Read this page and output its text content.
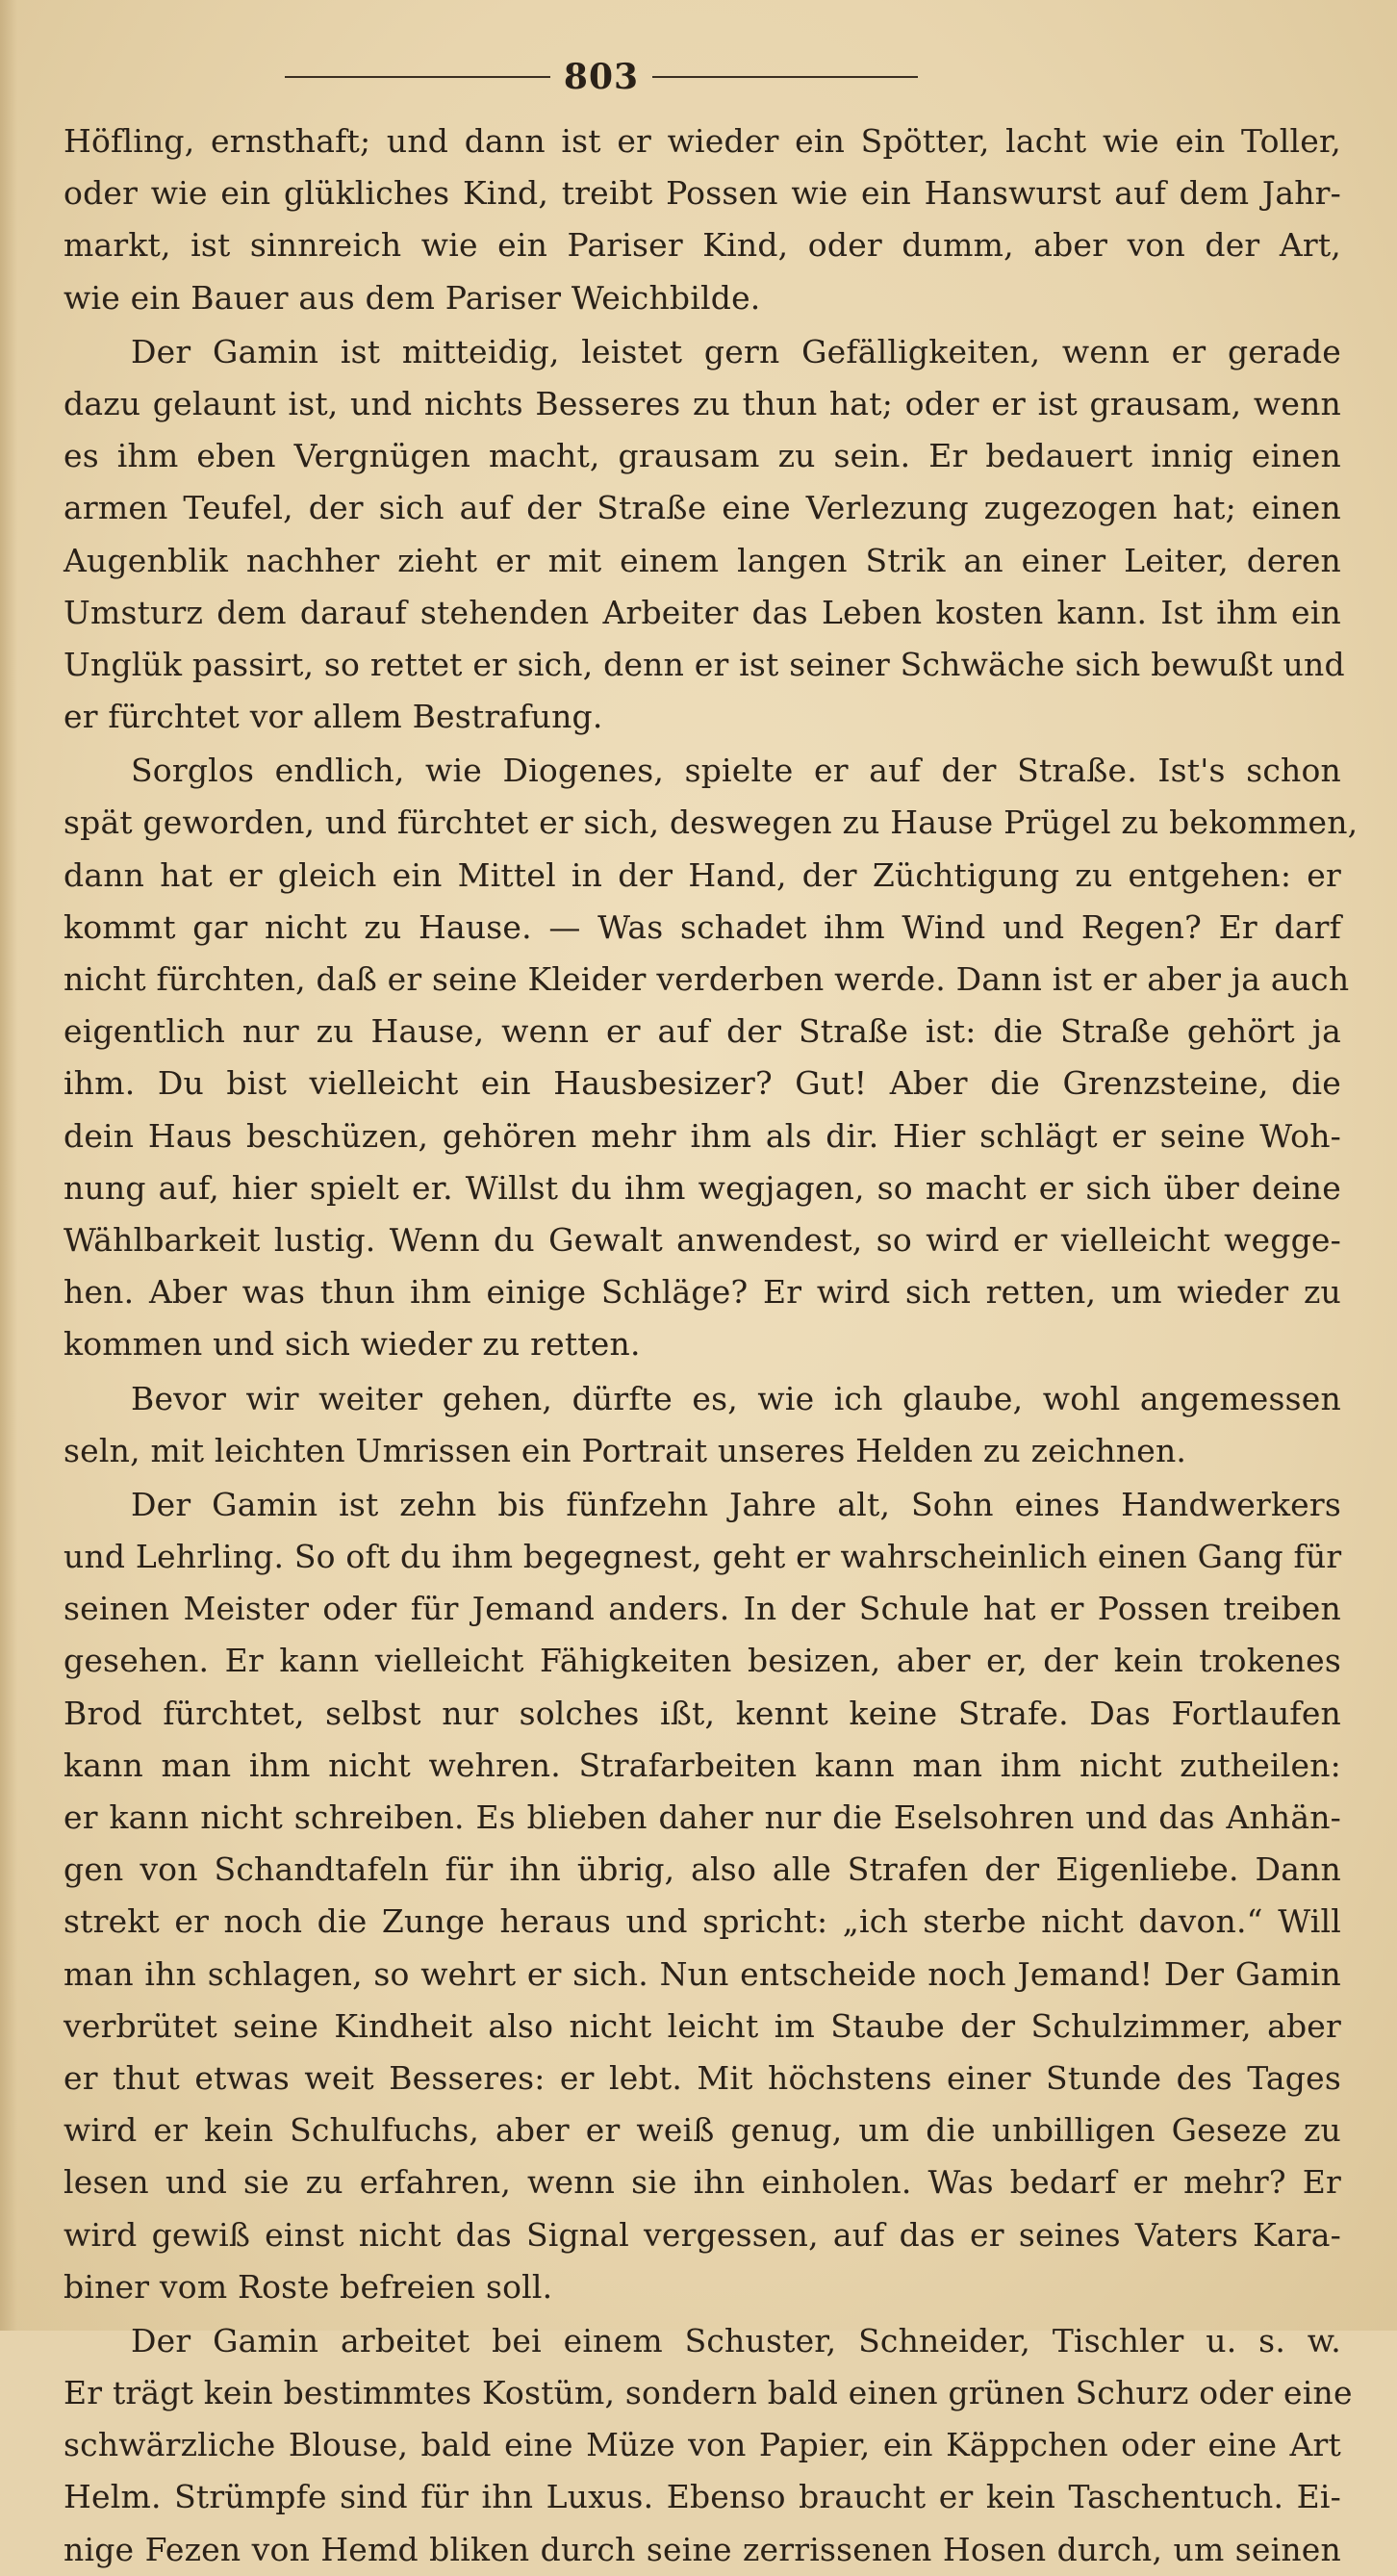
803
Höfling, ernsthaft; und dann ist er wieder ein Spötter, lacht wie ein Toller,
oder wie ein glükliches Kind, treibt Possen wie ein Hanswurst auf dem Jahr-
markt, ist sinnreich wie ein Pariser Kind, oder dumm, aber von der Art,
wie ein Bauer aus dem Pariser Weichbilde.
Der Gamin ist mitteidig, leistet gern Gefälligkeiten, wenn er gerade
dazu gelaunt ist, und nichts Besseres zu thun hat; oder er ist grausam, wenn
es ihm eben Vergnügen macht, grausam zu sein. Er bedauert innig einen
armen Teufel, der sich auf der Straße eine Verlezung zugezogen hat; einen
Augenblik nachher zieht er mit einem langen Strik an einer Leiter, deren
Umsturz dem darauf stehenden Arbeiter das Leben kosten kann. Ist ihm ein
Unglük passirt, so rettet er sich, denn er ist seiner Schwäche sich bewußt und
er fürchtet vor allem Bestrafung.
Sorglos endlich, wie Diogenes, spielte er auf der Straße. Ist's schon
spät geworden, und fürchtet er sich, deswegen zu Hause Prügel zu bekommen,
dann hat er gleich ein Mittel in der Hand, der Züchtigung zu entgehen: er
kommt gar nicht zu Hause. — Was schadet ihm Wind und Regen? Er darf
nicht fürchten, daß er seine Kleider verderben werde. Dann ist er aber ja auch
eigentlich nur zu Hause, wenn er auf der Straße ist: die Straße gehört ja
ihm. Du bist vielleicht ein Hausbesizer? Gut! Aber die Grenzsteine, die
dein Haus beschüzen, gehören mehr ihm als dir. Hier schlägt er seine Woh-
nung auf, hier spielt er. Willst du ihm wegjagen, so macht er sich über deine
Wählbarkeit lustig. Wenn du Gewalt anwendest, so wird er vielleicht wegge-
hen. Aber was thun ihm einige Schläge? Er wird sich retten, um wieder zu
kommen und sich wieder zu retten.
Bevor wir weiter gehen, dürfte es, wie ich glaube, wohl angemessen
seln, mit leichten Umrissen ein Portrait unseres Helden zu zeichnen.
Der Gamin ist zehn bis fünfzehn Jahre alt, Sohn eines Handwerkers
und Lehrling. So oft du ihm begegnest, geht er wahrscheinlich einen Gang für
seinen Meister oder für Jemand anders. In der Schule hat er Possen treiben
gesehen. Er kann vielleicht Fähigkeiten besizen, aber er, der kein trokenes
Brod fürchtet, selbst nur solches ißt, kennt keine Strafe. Das Fortlaufen
kann man ihm nicht wehren. Strafarbeiten kann man ihm nicht zutheilen:
er kann nicht schreiben. Es blieben daher nur die Eselsohren und das Anhän-
gen von Schandtafeln für ihn übrig, also alle Strafen der Eigenliebe. Dann
strekt er noch die Zunge heraus und spricht: „ich sterbe nicht davon.“ Will
man ihn schlagen, so wehrt er sich. Nun entscheide noch Jemand! Der Gamin
verbrütet seine Kindheit also nicht leicht im Staube der Schulzimmer, aber
er thut etwas weit Besseres: er lebt. Mit höchstens einer Stunde des Tages
wird er kein Schulfuchs, aber er weiß genug, um die unbilligen Geseze zu
lesen und sie zu erfahren, wenn sie ihn einholen. Was bedarf er mehr? Er
wird gewiß einst nicht das Signal vergessen, auf das er seines Vaters Kara-
biner vom Roste befreien soll.
Der Gamin arbeitet bei einem Schuster, Schneider, Tischler u. s. w.
Er trägt kein bestimmtes Kostüm, sondern bald einen grünen Schurz oder eine
schwärzliche Blouse, bald eine Müze von Papier, ein Käppchen oder eine Art
Helm. Strümpfe sind für ihn Luxus. Ebenso braucht er kein Taschentuch. Ei-
nige Fezen von Hemd bliken durch seine zerrissenen Hosen durch, um seinen
